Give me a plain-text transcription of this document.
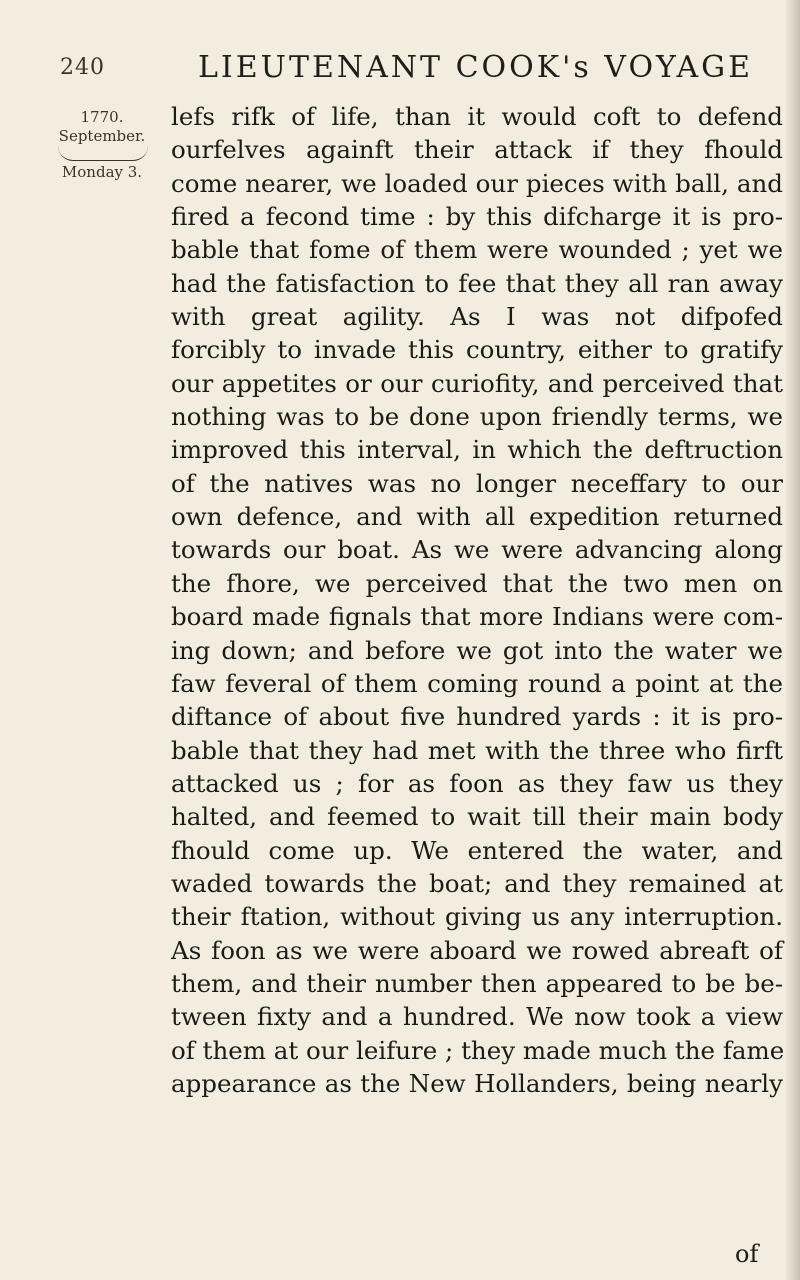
240	LIEUTENANT COOK's VOYAGE
1770.
September.
Monday 3.
lefs rifk of life, than it would coft to defend
ourfelves againft their attack if they fhould
come nearer, we loaded our pieces with ball, and
fired a fecond time : by this difcharge it is pro-
bable that fome of them were wounded ; yet we
had the fatisfaction to fee that they all ran away
with great agility. As I was not difpofed
forcibly to invade this country, either to gratify
our appetites or our curiofity, and perceived that
nothing was to be done upon friendly terms, we
improved this interval, in which the deftruction
of the natives was no longer neceffary to our
own defence, and with all expedition returned
towards our boat. As we were advancing along
the fhore, we perceived that the two men on
board made fignals that more Indians were com-
ing down; and before we got into the water we
faw feveral of them coming round a point at the
diftance of about five hundred yards : it is pro-
bable that they had met with the three who firft
attacked us ; for as foon as they faw us they
halted, and feemed to wait till their main body
fhould come up. We entered the water, and
waded towards the boat; and they remained at
their ftation, without giving us any interruption.
As foon as we were aboard we rowed abreaft of
them, and their number then appeared to be be-
tween fixty and a hundred. We now took a view
of them at our leifure ; they made much the fame
appearance as the New Hollanders, being nearly
of
